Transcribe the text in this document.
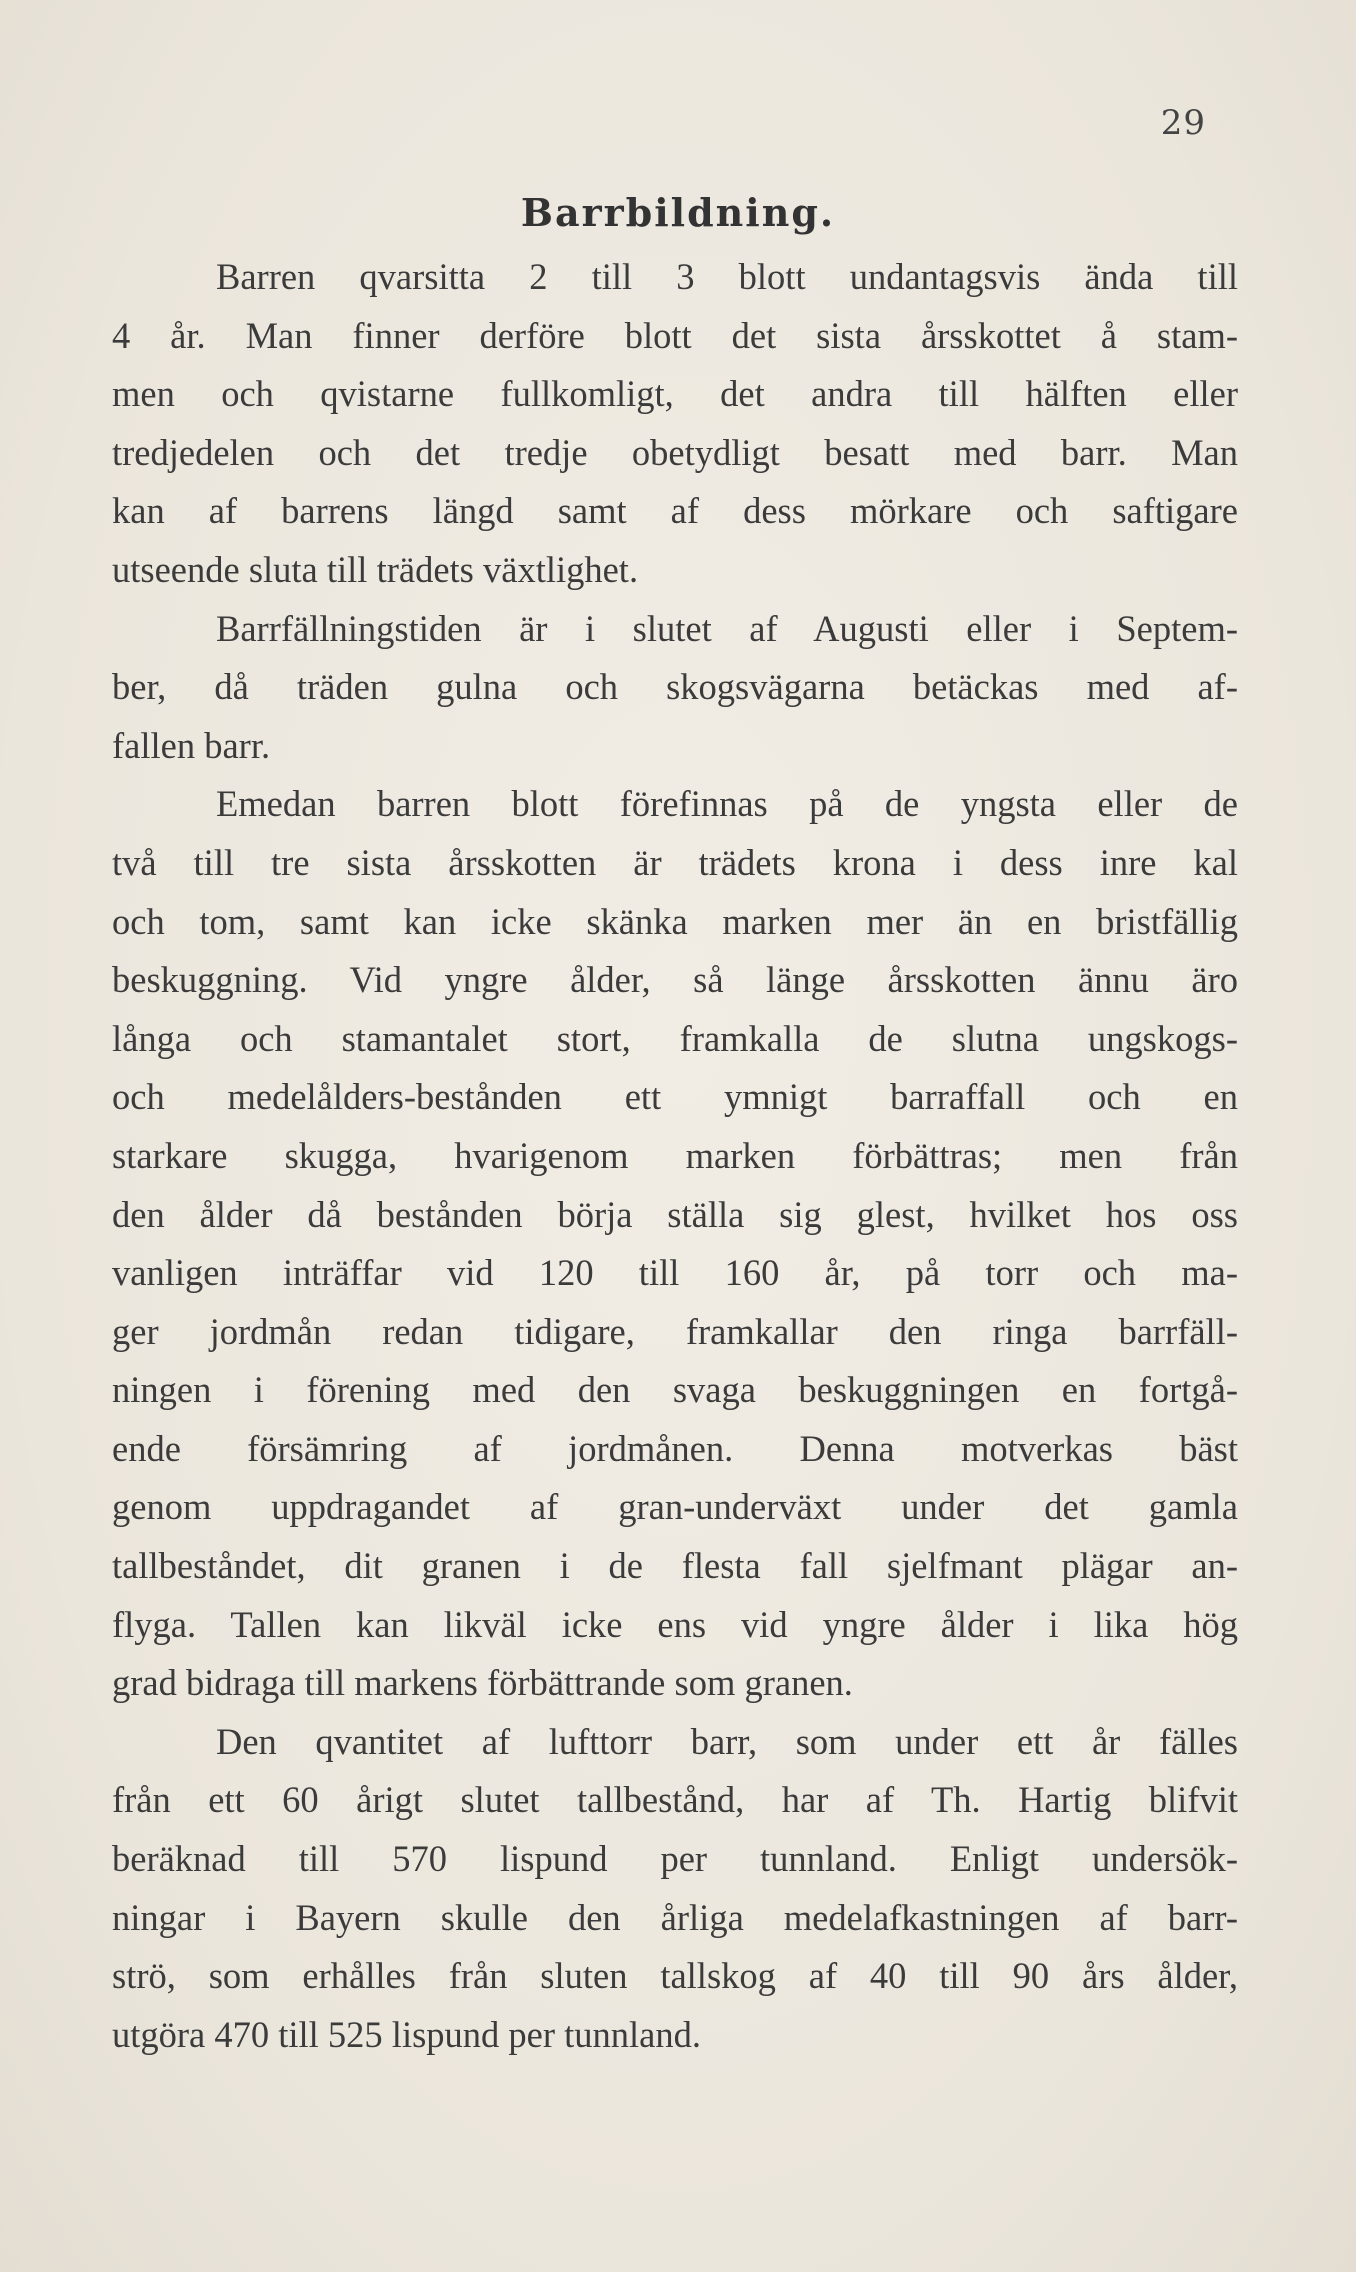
29
Barrbildning.
Barren qvarsitta 2 till 3 blott undantagsvis ända till
4 år. Man finner derföre blott det sista årsskottet å stam-
men och qvistarne fullkomligt, det andra till hälften eller
tredjedelen och det tredje obetydligt besatt med barr. Man
kan af barrens längd samt af dess mörkare och saftigare
utseende sluta till trädets växtlighet.
Barrfällningstiden är i slutet af Augusti eller i Septem-
ber, då träden gulna och skogsvägarna betäckas med af-
fallen barr.
Emedan barren blott förefinnas på de yngsta eller de
två till tre sista årsskotten är trädets krona i dess inre kal
och tom, samt kan icke skänka marken mer än en bristfällig
beskuggning. Vid yngre ålder, så länge årsskotten ännu äro
långa och stamantalet stort, framkalla de slutna ungskogs-
och medelålders-bestånden ett ymnigt barraffall och en
starkare skugga, hvarigenom marken förbättras; men från
den ålder då bestånden börja ställa sig glest, hvilket hos oss
vanligen inträffar vid 120 till 160 år, på torr och ma-
ger jordmån redan tidigare, framkallar den ringa barrfäll-
ningen i förening med den svaga beskuggningen en fortgå-
ende försämring af jordmånen. Denna motverkas bäst
genom uppdragandet af gran-underväxt under det gamla
tallbeståndet, dit granen i de flesta fall sjelfmant plägar an-
flyga. Tallen kan likväl icke ens vid yngre ålder i lika hög
grad bidraga till markens förbättrande som granen.
Den qvantitet af lufttorr barr, som under ett år fälles
från ett 60 årigt slutet tallbestånd, har af Th. Hartig blifvit
beräknad till 570 lispund per tunnland. Enligt undersök-
ningar i Bayern skulle den årliga medelafkastningen af barr-
strö, som erhålles från sluten tallskog af 40 till 90 års ålder,
utgöra 470 till 525 lispund per tunnland.
